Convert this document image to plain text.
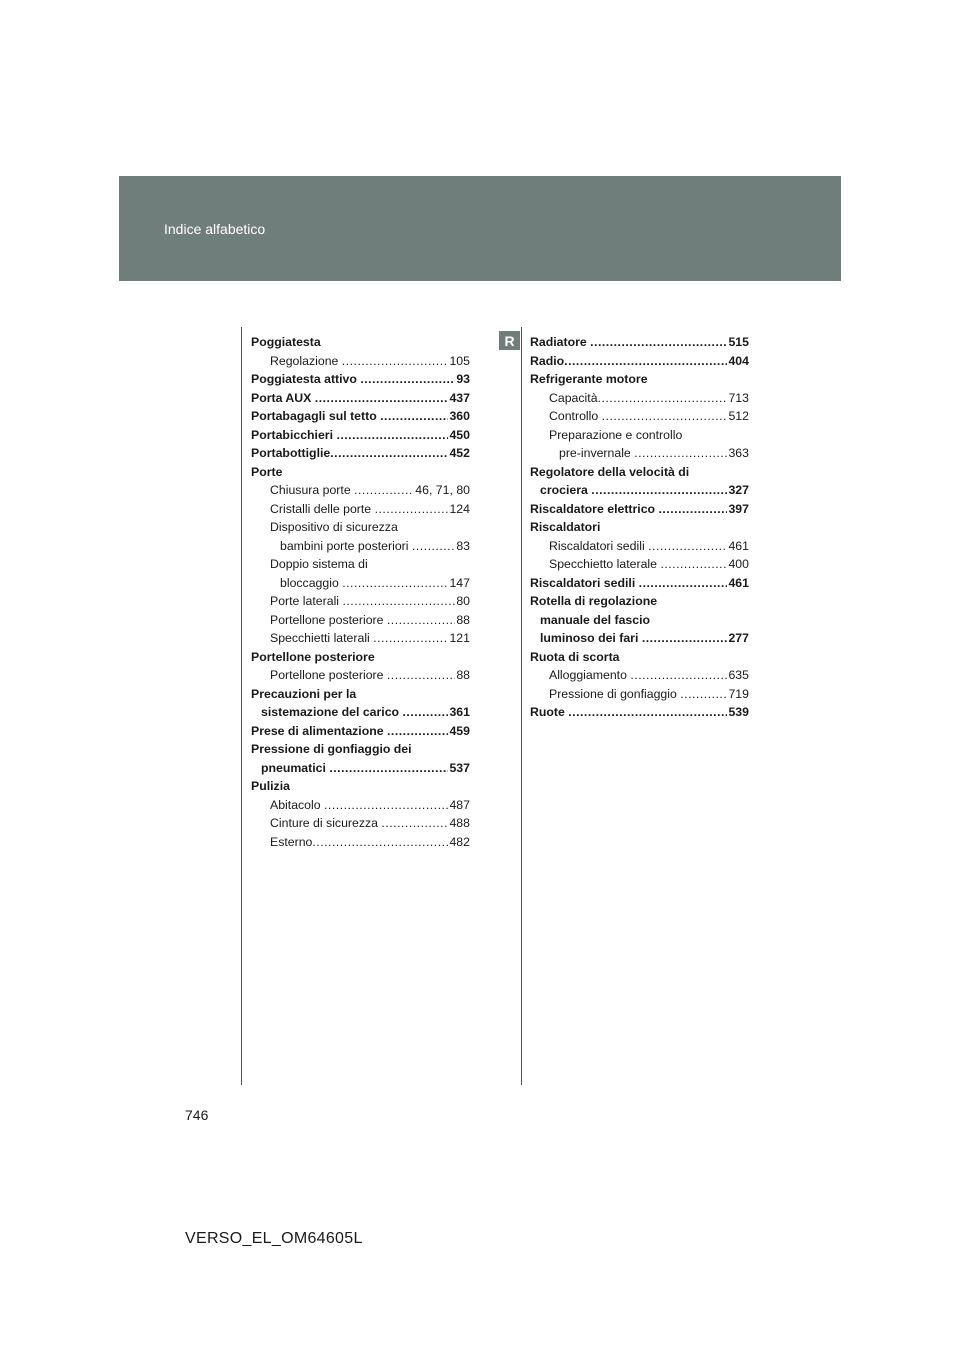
Indice alfabetico
R
Poggiatesta
Regolazione .....	105
Poggiatesta attivo .....	93
Porta AUX .....	437
Portabagagli sul tetto .....	360
Portabicchieri .....	450
Portabottiglie .....	452
Porte
Chiusura porte .....	46, 71, 80
Cristalli delle porte .....	124
Dispositivo di sicurezza
bambini porte posteriori .....	83
Doppio sistema di
bloccaggio .....	147
Porte laterali .....	80
Portellone posteriore .....	88
Specchietti laterali .....	121
Portellone posteriore
Portellone posteriore .....	88
Precauzioni per la
sistemazione del carico .....	361
Prese di alimentazione .....	459
Pressione di gonfiaggio dei
pneumatici .....	537
Pulizia
Abitacolo .....	487
Cinture di sicurezza .....	488
Esterno .....	482
Radiatore .....	515
Radio .....	404
Refrigerante motore
Capacità .....	713
Controllo .....	512
Preparazione e controllo
pre-invernale .....	363
Regolatore della velocità di
crociera .....	327
Riscaldatore elettrico .....	397
Riscaldatori
Riscaldatori sedili .....	461
Specchietto laterale .....	400
Riscaldatori sedili .....	461
Rotella di regolazione
manuale del fascio
luminoso dei fari .....	277
Ruota di scorta
Alloggiamento .....	635
Pressione di gonfiaggio .....	719
Ruote .....	539
746
VERSO_EL_OM64605L
